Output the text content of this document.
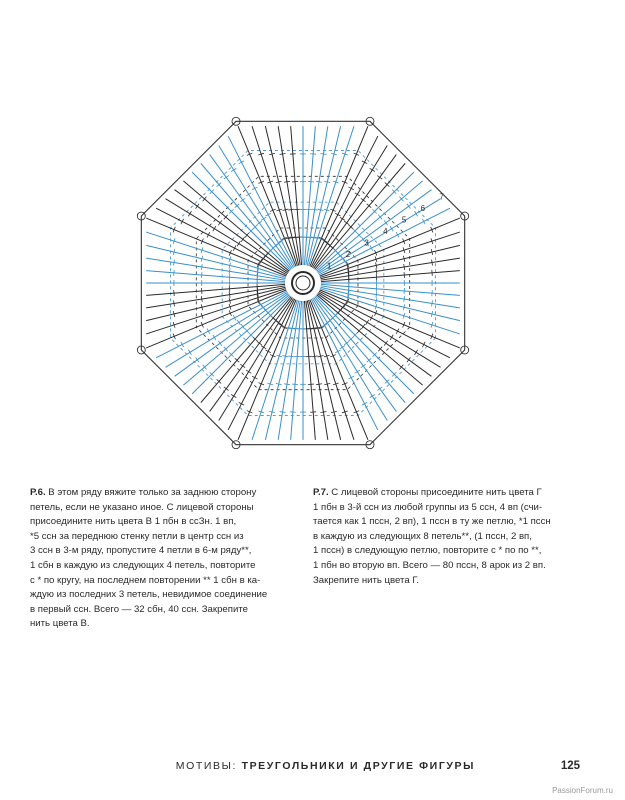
1
2
3
4
5
6
7

Р.6. В этом ряду вяжите только за заднюю сторону
петель, если не указано иное. С лицевой стороны
присоедините нить цвета В 1 пбн в ссЗн. 1 вп,
*5 ссн за переднюю стенку петли в центр ссн из
3 ссн в 3-м ряду, пропустите 4 петли в 6-м ряду**,
1 сбн в каждую из следующих 4 петель, повторите
с * по кругу, на последнем повторении ** 1 сбн в ка-
ждую из последних 3 петель, невидимое соединение
в первый ссн. Всего — 32 сбн, 40 ссн. Закрепите
нить цвета В.

Р.7. С лицевой стороны присоедините нить цвета Г
1 пбн в 3-й ссн из любой группы из 5 ссн, 4 вп (счи-
тается как 1 пссн, 2 вп), 1 пссн в ту же петлю, *1 пссн
в каждую из следующих 8 петель**, (1 пссн, 2 вп,
1 пссн) в следующую петлю, повторите с * по по **,
1 пбн во вторую вп. Всего — 80 пссн, 8 арок из 2 вп.
Закрепите нить цвета Г.

МОТИВЫ: ТРЕУГОЛЬНИКИ И ДРУГИЕ ФИГУРЫ	125
PassionForum.ru
